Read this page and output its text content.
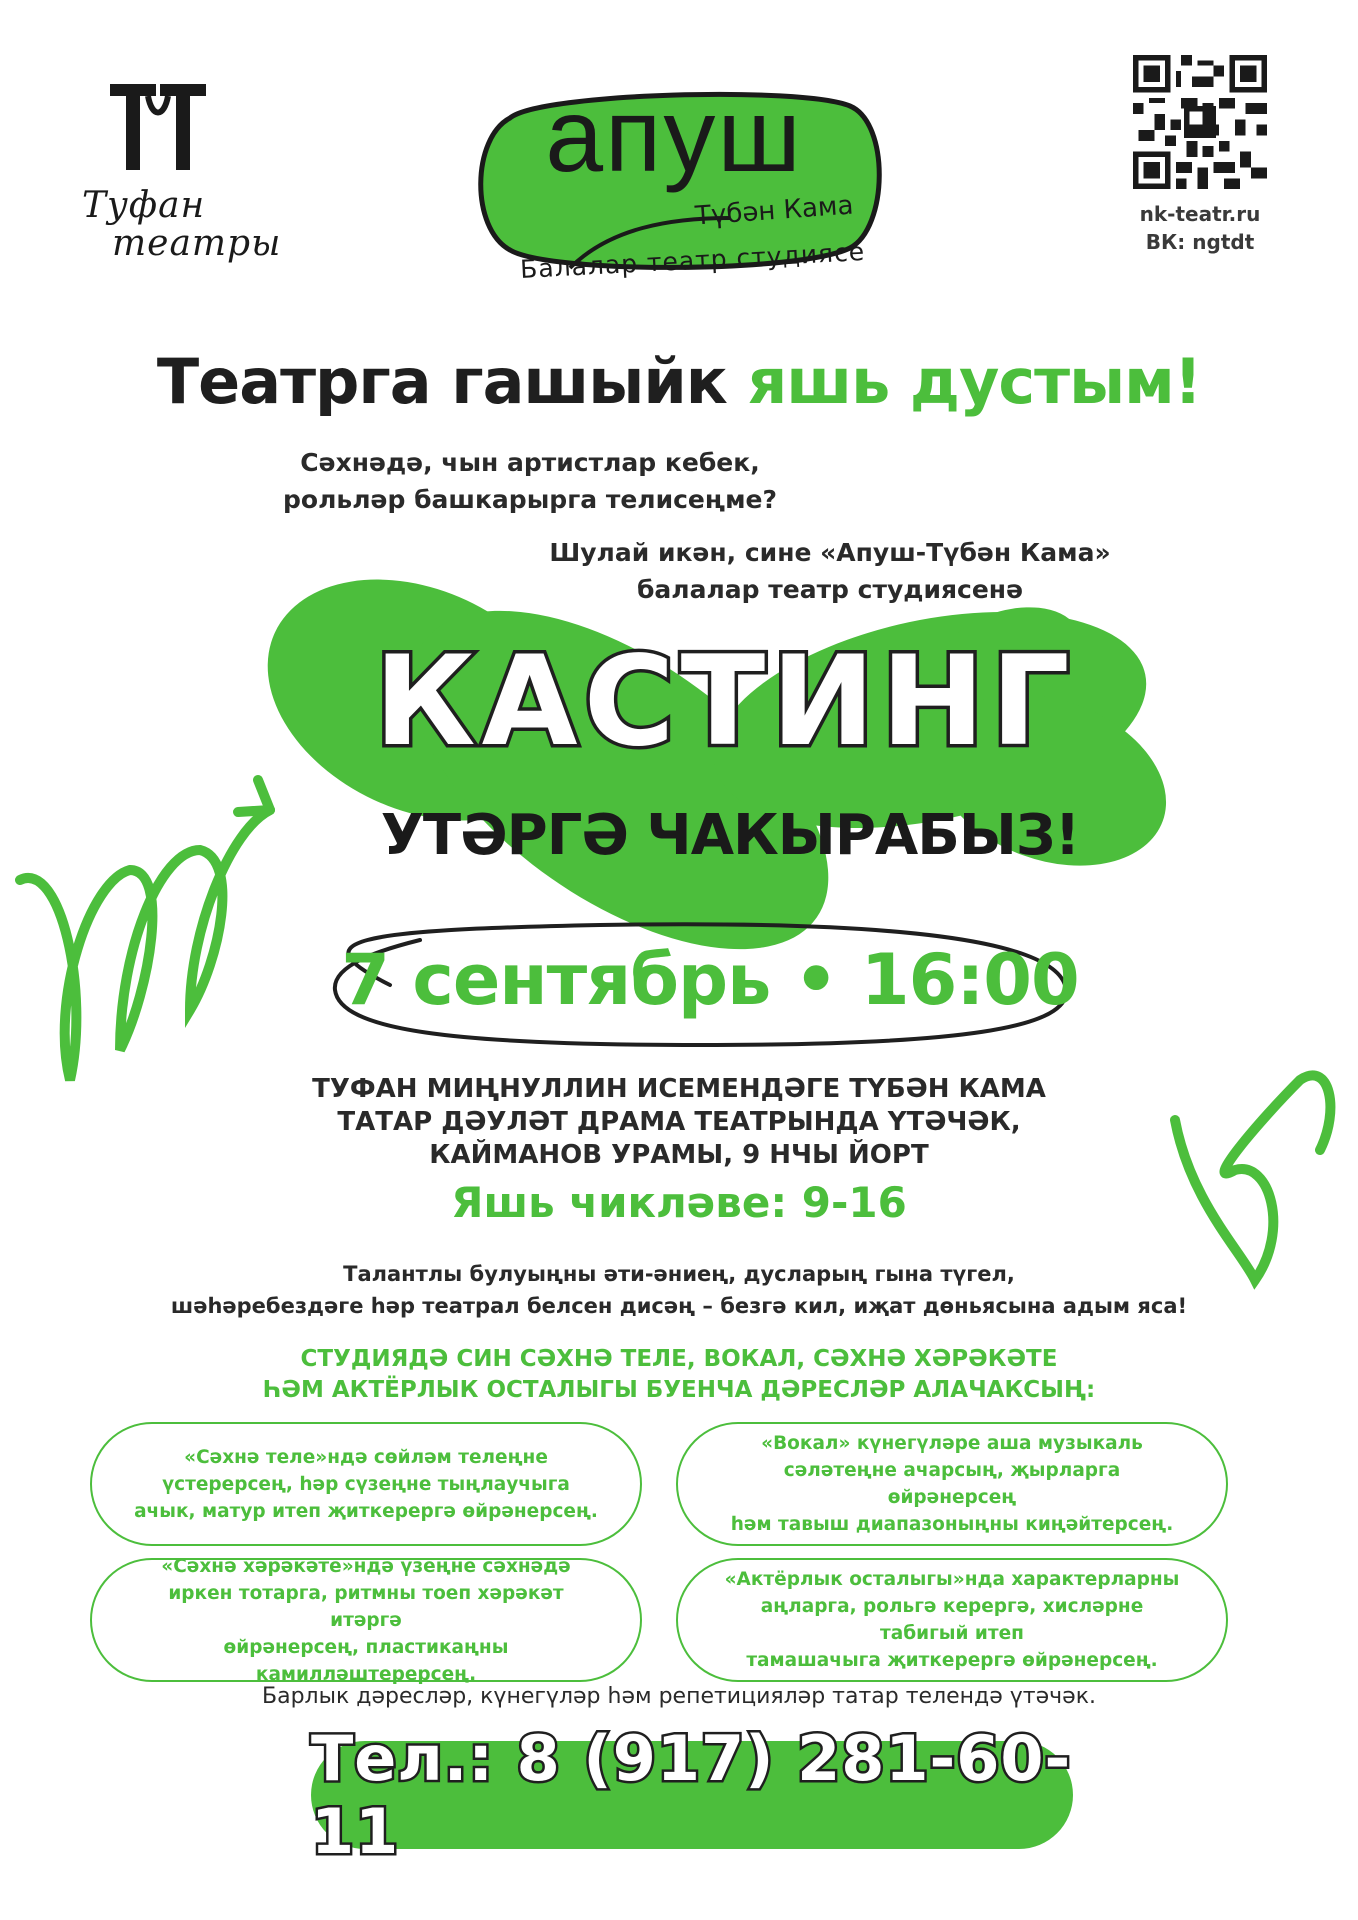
Туфан
театры
апуш
Түбән Кама
Балалар театр студиясе
nk-teatr.ru
ВК: ngtdt
Театрга гашыйк яшь дустым!
Сәхнәдә, чын артистлар кебек,
рольләр башкарырга телисеңме?
Шулай икән, сине «Апуш-Түбән Кама»
балалар театр студиясенә
КАСТИНГ
УТӘРГӘ ЧАКЫРАБЫЗ!
7 сентябрь • 16:00
ТУФАН МИҢНУЛЛИН ИСЕМЕНДӘГЕ ТҮБӘН КАМА
ТАТАР ДӘУЛӘТ ДРАМА ТЕАТРЫНДА ҮТӘЧӘК,
КАЙМАНОВ УРАМЫ, 9 НЧЫ ЙОРТ
Яшь чикләве: 9-16
Талантлы булуыңны әти-әниең, дусларың гына түгел,
шәһәребездәге һәр театрал белсен дисәң – безгә кил, иҗат дөньясына адым ясa!
СТУДИЯДӘ СИН СӘХНӘ ТЕЛЕ, ВОКАЛ, СӘХНӘ ХӘРӘКӘТЕ
ҺӘМ АКТЁРЛЫК ОСТАЛЫГЫ БУЕНЧА ДӘРЕСЛӘР АЛАЧАКСЫҢ:

«Сәхнә теле»ндә сөйләм телеңне
үстерерсең, һәр сүзеңне тыңлаучыга
ачык, матур итеп җиткерергә өйрәнерсең.

«Вокал» күнегүләре аша музыкаль
сәләтеңне ачарсың, җырларга өйрәнерсең
һәм тавыш диапазоныңны киңәйтерсең.

«Сәхнә хәрәкәте»ндә үзеңне сәхнәдә
иркен тотарга, ритмны тоеп хәрәкәт итәргә
өйрәнерсең, пластикаңны камилләштерерсең.

«Актёрлык осталыгы»нда характерларны
аңларга, рольгә керергә, хисләрне табигый итеп
тамашачыга җиткерергә өйрәнерсең.

Барлык дәресләр, күнегүләр һәм репетицияләр татар телендә үтәчәк.
Тел.: 8 (917) 281-60-11
